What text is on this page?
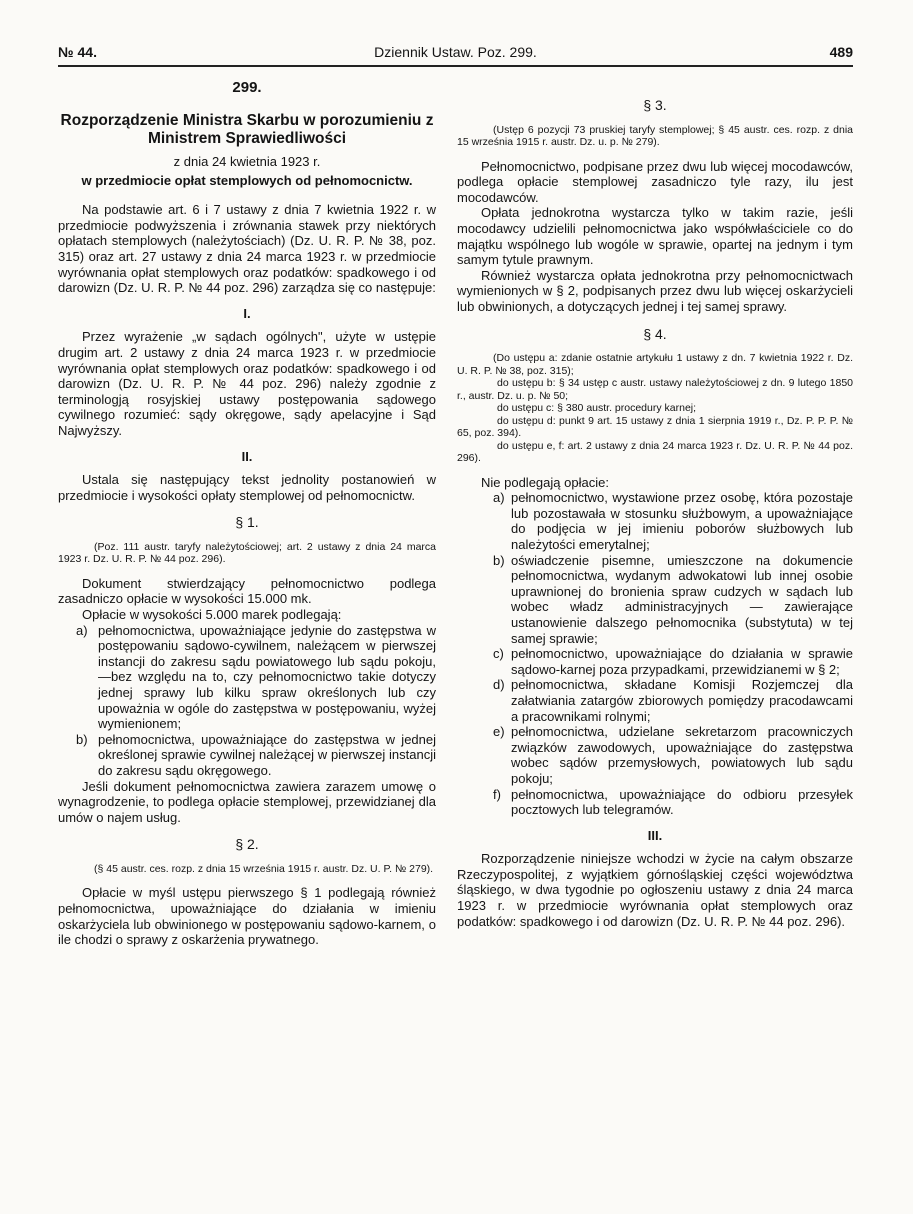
№ 44.	Dziennik Ustaw. Poz. 299.	489
299.
Rozporządzenie Ministra Skarbu w porozumieniu z Ministrem Sprawiedliwości
z dnia 24 kwietnia 1923 r.
w przedmiocie opłat stemplowych od pełnomocnictw.

Na podstawie art. 6 i 7 ustawy z dnia 7 kwietnia 1922 r. w przedmiocie podwyższenia i zrównania stawek przy niektórych opłatach stemplowych (należytościach) (Dz. U. R. P. № 38, poz. 315) oraz art. 27 ustawy z dnia 24 marca 1923 r. w przedmiocie wyrównania opłat stemplowych oraz podatków: spadkowego i od darowizn (Dz. U. R. P. № 44 poz. 296) zarządza się co następuje:

I.

Przez wyrażenie „w sądach ogólnych", użyte w ustępie drugim art. 2 ustawy z dnia 24 marca 1923 r. w przedmiocie wyrównania opłat stemplowych oraz podatków: spadkowego i od darowizn (Dz. U. R. P. № 44 poz. 296) należy zgodnie z terminologją rosyjskiej ustawy postępowania sądowego cywilnego rozumieć: sądy okręgowe, sądy apelacyjne i Sąd Najwyższy.

II.

Ustala się następujący tekst jednolity postanowień w przedmiocie i wysokości opłaty stemplowej od pełnomocnictw.

§ 1.
(Poz. 111 austr. taryfy należytościowej; art. 2 ustawy z dnia 24 marca 1923 r. Dz. U. R. P. № 44 poz. 296).

Dokument stwierdzający pełnomocnictwo podlega zasadniczo opłacie w wysokości 15.000 mk.

Opłacie w wysokości 5.000 marek podlegają:

a) pełnomocnictwa, upoważniające jedynie do zastępstwa w postępowaniu sądowo-cywilnem, należącem w pierwszej instancji do zakresu sądu powiatowego lub sądu pokoju, —bez względu na to, czy pełnomocnictwo takie dotyczy jednej sprawy lub kilku spraw określonych lub czy upoważnia w ogóle do zastępstwa w postępowaniu, wyżej wymienionem;
b) pełnomocnictwa, upoważniające do zastępstwa w jednej określonej sprawie cywilnej należącej w pierwszej instancji do zakresu sądu okręgowego.

Jeśli dokument pełnomocnictwa zawiera zarazem umowę o wynagrodzenie, to podlega opłacie stemplowej, przewidzianej dla umów o najem usług.

§ 2.
(§ 45 austr. ces. rozp. z dnia 15 września 1915 r. austr. Dz. U. P. № 279).

Opłacie w myśl ustępu pierwszego § 1 podlegają również pełnomocnictwa, upoważniające do działania w imieniu oskarżyciela lub obwinionego w postępowaniu sądowo-karnem, o ile chodzi o sprawy z oskarżenia prywatnego.

§ 3.
(Ustęp 6 pozycji 73 pruskiej taryfy stemplowej; § 45 austr. ces. rozp. z dnia 15 września 1915 r. austr. Dz. u. p. № 279).

Pełnomocnictwo, podpisane przez dwu lub więcej mocodawców, podlega opłacie stemplowej zasadniczo tyle razy, ilu jest mocodawców.

Opłata jednokrotna wystarcza tylko w takim razie, jeśli mocodawcy udzielili pełnomocnictwa jako współwłaściciele co do majątku wspólnego lub wogóle w sprawie, opartej na jednym i tym samym tytule prawnym.

Również wystarcza opłata jednokrotna przy pełnomocnictwach wymienionych w § 2, podpisanych przez dwu lub więcej oskarżycieli lub obwinionych, a dotyczących jednej i tej samej sprawy.

§ 4.
(Do ustępu a: zdanie ostatnie artykułu 1 ustawy z dn. 7 kwietnia 1922 r. Dz. U. R. P. № 38, poz. 315);
do ustępu b: § 34 ustęp c austr. ustawy należytościowej z dn. 9 lutego 1850 r., austr. Dz. u. p. № 50;
do ustępu c: § 380 austr. procedury karnej;
do ustępu d: punkt 9 art. 15 ustawy z dnia 1 sierpnia 1919 r., Dz. P. P. P. № 65, poz. 394).
do ustępu e, f: art. 2 ustawy z dnia 24 marca 1923 r. Dz. U. R. P. № 44 poz. 296).

Nie podlegają opłacie:

a) pełnomocnictwo, wystawione przez osobę, która pozostaje lub pozostawała w stosunku służbowym, a upoważniające do podjęcia w jej imieniu poborów służbowych lub należytości emerytalnej;
b) oświadczenie pisemne, umieszczone na dokumencie pełnomocnictwa, wydanym adwokatowi lub innej osobie uprawnionej do bronienia spraw cudzych w sądach lub wobec władz administracyjnych — zawierające ustanowienie dalszego pełnomocnika (substytuta) w tej samej sprawie;
c) pełnomocnictwo, upoważniające do działania w sprawie sądowo-karnej poza przypadkami, przewidzianemi w § 2;
d) pełnomocnictwa, składane Komisji Rozjemczej dla załatwiania zatargów zbiorowych pomiędzy pracodawcami a pracownikami rolnymi;
e) pełnomocnictwa, udzielane sekretarzom pracowniczych związków zawodowych, upoważniające do zastępstwa wobec sądów przemysłowych, powiatowych lub sądu pokoju;
f) pełnomocnictwa, upoważniające do odbioru przesyłek pocztowych lub telegramów.
III.

Rozporządzenie niniejsze wchodzi w życie na całym obszarze Rzeczypospolitej, z wyjątkiem górnośląskiej części województwa śląskiego, w dwa tygodnie po ogłoszeniu ustawy z dnia 24 marca 1923 r. w przedmiocie wyrównania opłat stemplowych oraz podatków: spadkowego i od darowizn (Dz. U. R. P. № 44 poz. 296).
